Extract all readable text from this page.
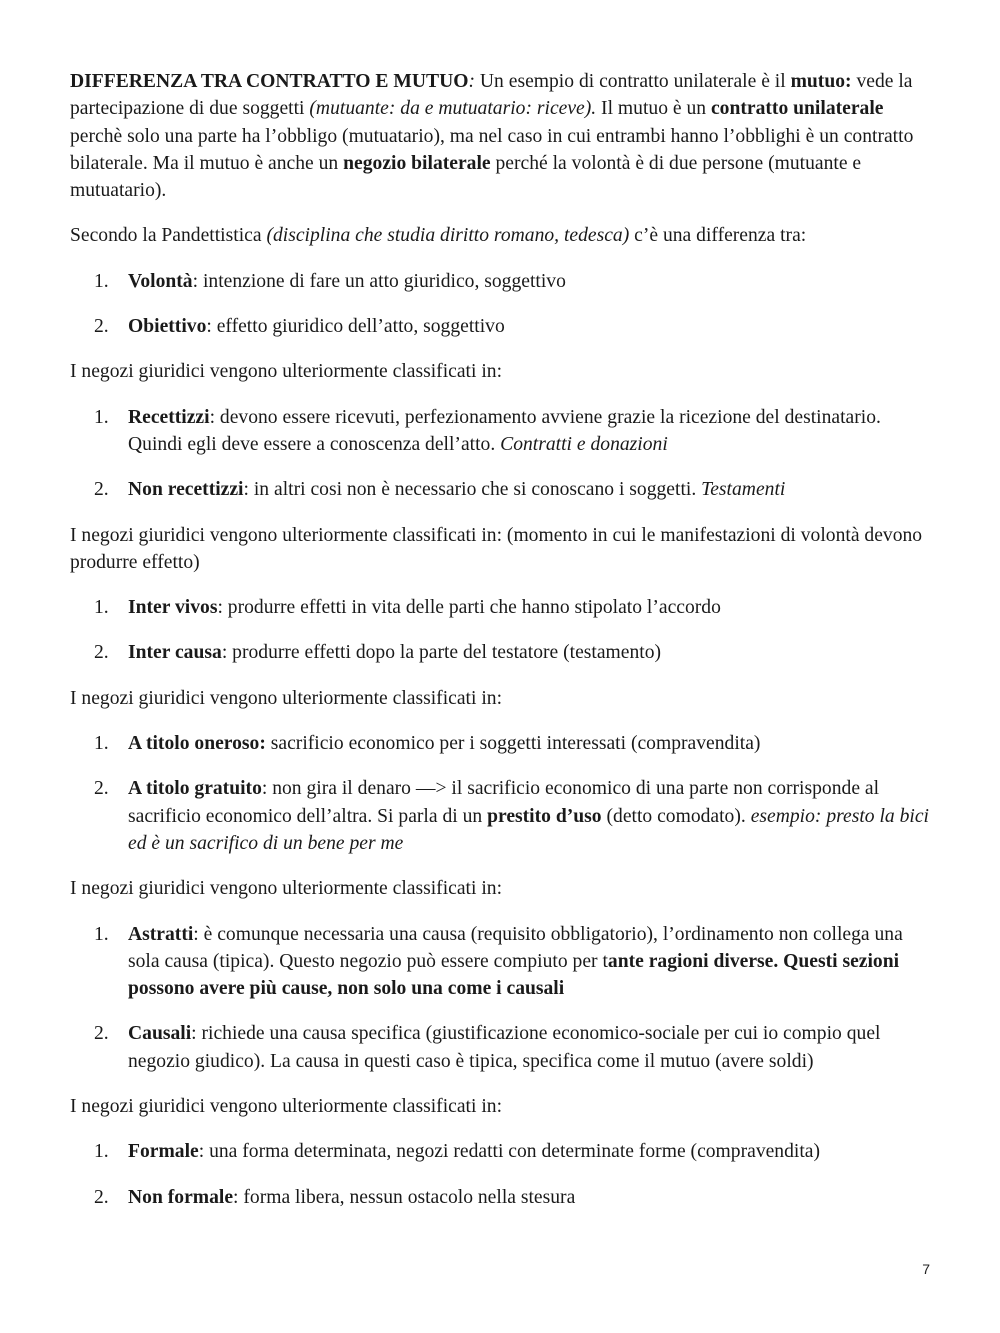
DIFFERENZA TRA CONTRATTO E MUTUO: Un esempio di contratto unilaterale è il mutuo: vede la partecipazione di due soggetti (mutuante: da e mutuatario: riceve). Il mutuo è un contratto unilaterale perchè solo una parte ha l’obbligo (mutuatario), ma nel caso in cui entrambi hanno l’obblighi è un contratto bilaterale. Ma il mutuo è anche un negozio bilaterale perché la volontà è di due persone (mutuante e mutuatario).

Secondo la Pandettistica (disciplina che studia diritto romano, tedesca) c’è una differenza tra:

1. Volontà: intenzione di fare un atto giuridico, soggettivo
2. Obiettivo: effetto giuridico dell’atto, soggettivo

I negozi giuridici vengono ulteriormente classificati in:

1. Recettizzi: devono essere ricevuti, perfezionamento avviene grazie la ricezione del destinatario. Quindi egli deve essere a conoscenza dell’atto. Contratti e donazioni
2. Non recettizzi: in altri cosi non è necessario che si conoscano i soggetti. Testamenti

I negozi giuridici vengono ulteriormente classificati in: (momento in cui le manifestazioni di volontà devono produrre effetto)

1. Inter vivos: produrre effetti in vita delle parti che hanno stipolato l’accordo
2. Inter causa: produrre effetti dopo la parte del testatore (testamento)

I negozi giuridici vengono ulteriormente classificati in:

1. A titolo oneroso: sacrificio economico per i soggetti interessati (compravendita)
2. A titolo gratuito: non gira il denaro —> il sacrificio economico di una parte non corrisponde al sacrificio economico dell’altra. Si parla di un prestito d’uso (detto comodato). esempio: presto la bici ed è un sacrifico di un bene per me

I negozi giuridici vengono ulteriormente classificati in:

1. Astratti: è comunque necessaria una causa (requisito obbligatorio), l’ordinamento non collega una sola causa (tipica). Questo negozio può essere compiuto per tante ragioni diverse. Questi sezioni possono avere più cause, non solo una come i causali
2. Causali: richiede una causa specifica (giustificazione economico-sociale per cui io compio quel negozio giudico). La causa in questi caso è tipica, specifica come il mutuo (avere soldi)

I negozi giuridici vengono ulteriormente classificati in:

1. Formale: una forma determinata, negozi redatti con determinate forme (compravendita)
2. Non formale: forma libera, nessun ostacolo nella stesura
7
